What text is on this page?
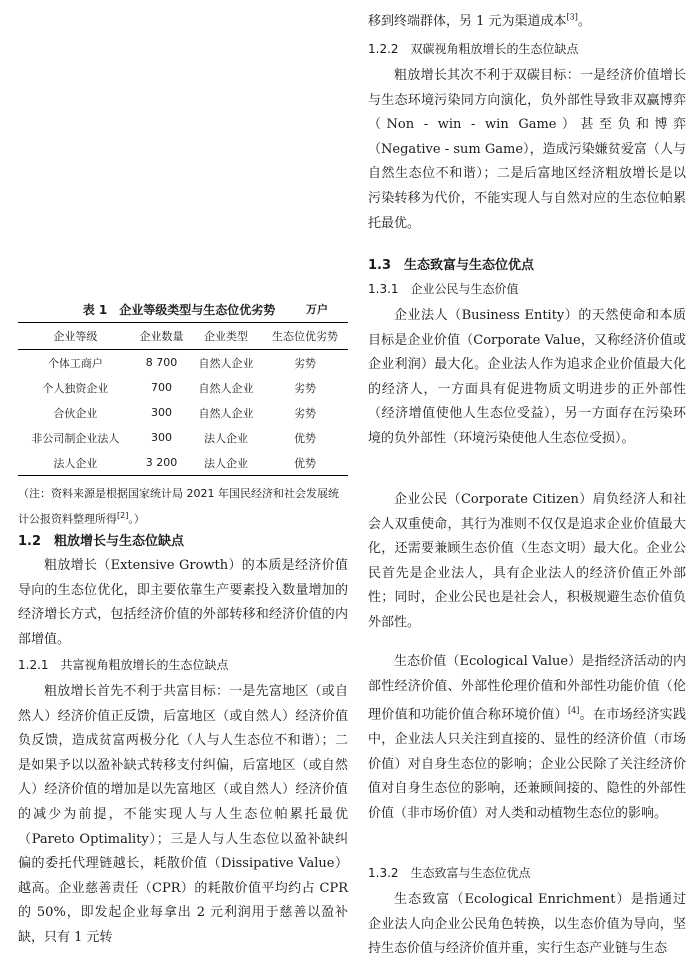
表 1　企业等级类型与生态位优劣势	万户
企业等级	企业数量	企业类型	生态位优劣势
个体工商户	8 700	自然人企业	劣势
个人独资企业	700	自然人企业	劣势
合伙企业	300	自然人企业	劣势
非公司制企业法人	300	法人企业	优势
法人企业	3 200	法人企业	优势
（注：资料来源是根据国家统计局 2021 年国民经济和社会发展统计公报资料整理所得[2]。）
1.2　粗放增长与生态位缺点
粗放增长（Extensive Growth）的本质是经济价值导向的生态位优化，即主要依靠生产要素投入数量增加的经济增长方式，包括经济价值的外部转移和经济价值的内部增值。
1.2.1　共富视角粗放增长的生态位缺点
粗放增长首先不利于共富目标：一是先富地区（或自然人）经济价值正反馈，后富地区（或自然人）经济价值负反馈，造成贫富两极分化（人与人生态位不和谐）；二是如果予以以盈补缺式转移支付纠偏，后富地区（或自然人）经济价值的增加是以先富地区（或自然人）经济价值的减少为前提，不能实现人与人生态位帕累托最优（Pareto Optimality）；三是人与人生态位以盈补缺纠偏的委托代理链越长，耗散价值（Dissipative Value）越高。企业慈善责任（CPR）的耗散价值平均约占 CPR 的 50%，即发起企业每拿出 2 元利润用于慈善以盈补缺，只有 1 元转
移到终端群体，另 1 元为渠道成本[3]。
1.2.2　双碳视角粗放增长的生态位缺点
粗放增长其次不利于双碳目标：一是经济价值增长与生态环境污染同方向演化，负外部性导致非双赢博弈（Non - win - win Game）甚至负和博弈（Negative - sum Game），造成污染嫌贫爱富（人与自然生态位不和谐）；二是后富地区经济粗放增长是以污染转移为代价，不能实现人与自然对应的生态位帕累托最优。
1.3　生态致富与生态位优点
1.3.1　企业公民与生态价值
企业法人（Business Entity）的天然使命和本质目标是企业价值（Corporate Value，又称经济价值或企业利润）最大化。企业法人作为追求企业价值最大化的经济人，一方面具有促进物质文明进步的正外部性（经济增值使他人生态位受益），另一方面存在污染环境的负外部性（环境污染使他人生态位受损）。
企业公民（Corporate Citizen）肩负经济人和社会人双重使命，其行为准则不仅仅是追求企业价值最大化，还需要兼顾生态价值（生态文明）最大化。企业公民首先是企业法人，具有企业法人的经济价值正外部性；同时，企业公民也是社会人，积极规避生态价值负外部性。
生态价值（Ecological Value）是指经济活动的内部性经济价值、外部性伦理价值和外部性功能价值（伦理价值和功能价值合称环境价值）[4]。在市场经济实践中，企业法人只关注到直接的、显性的经济价值（市场价值）对自身生态位的影响；企业公民除了关注经济价值对自身生态位的影响，还兼顾间接的、隐性的外部性价值（非市场价值）对人类和动植物生态位的影响。
1.3.2　生态致富与生态位优点
生态致富（Ecological Enrichment）是指通过企业法人向企业公民角色转换，以生态价值为导向，坚持生态价值与经济价值并重，实行生态产业链与生态
